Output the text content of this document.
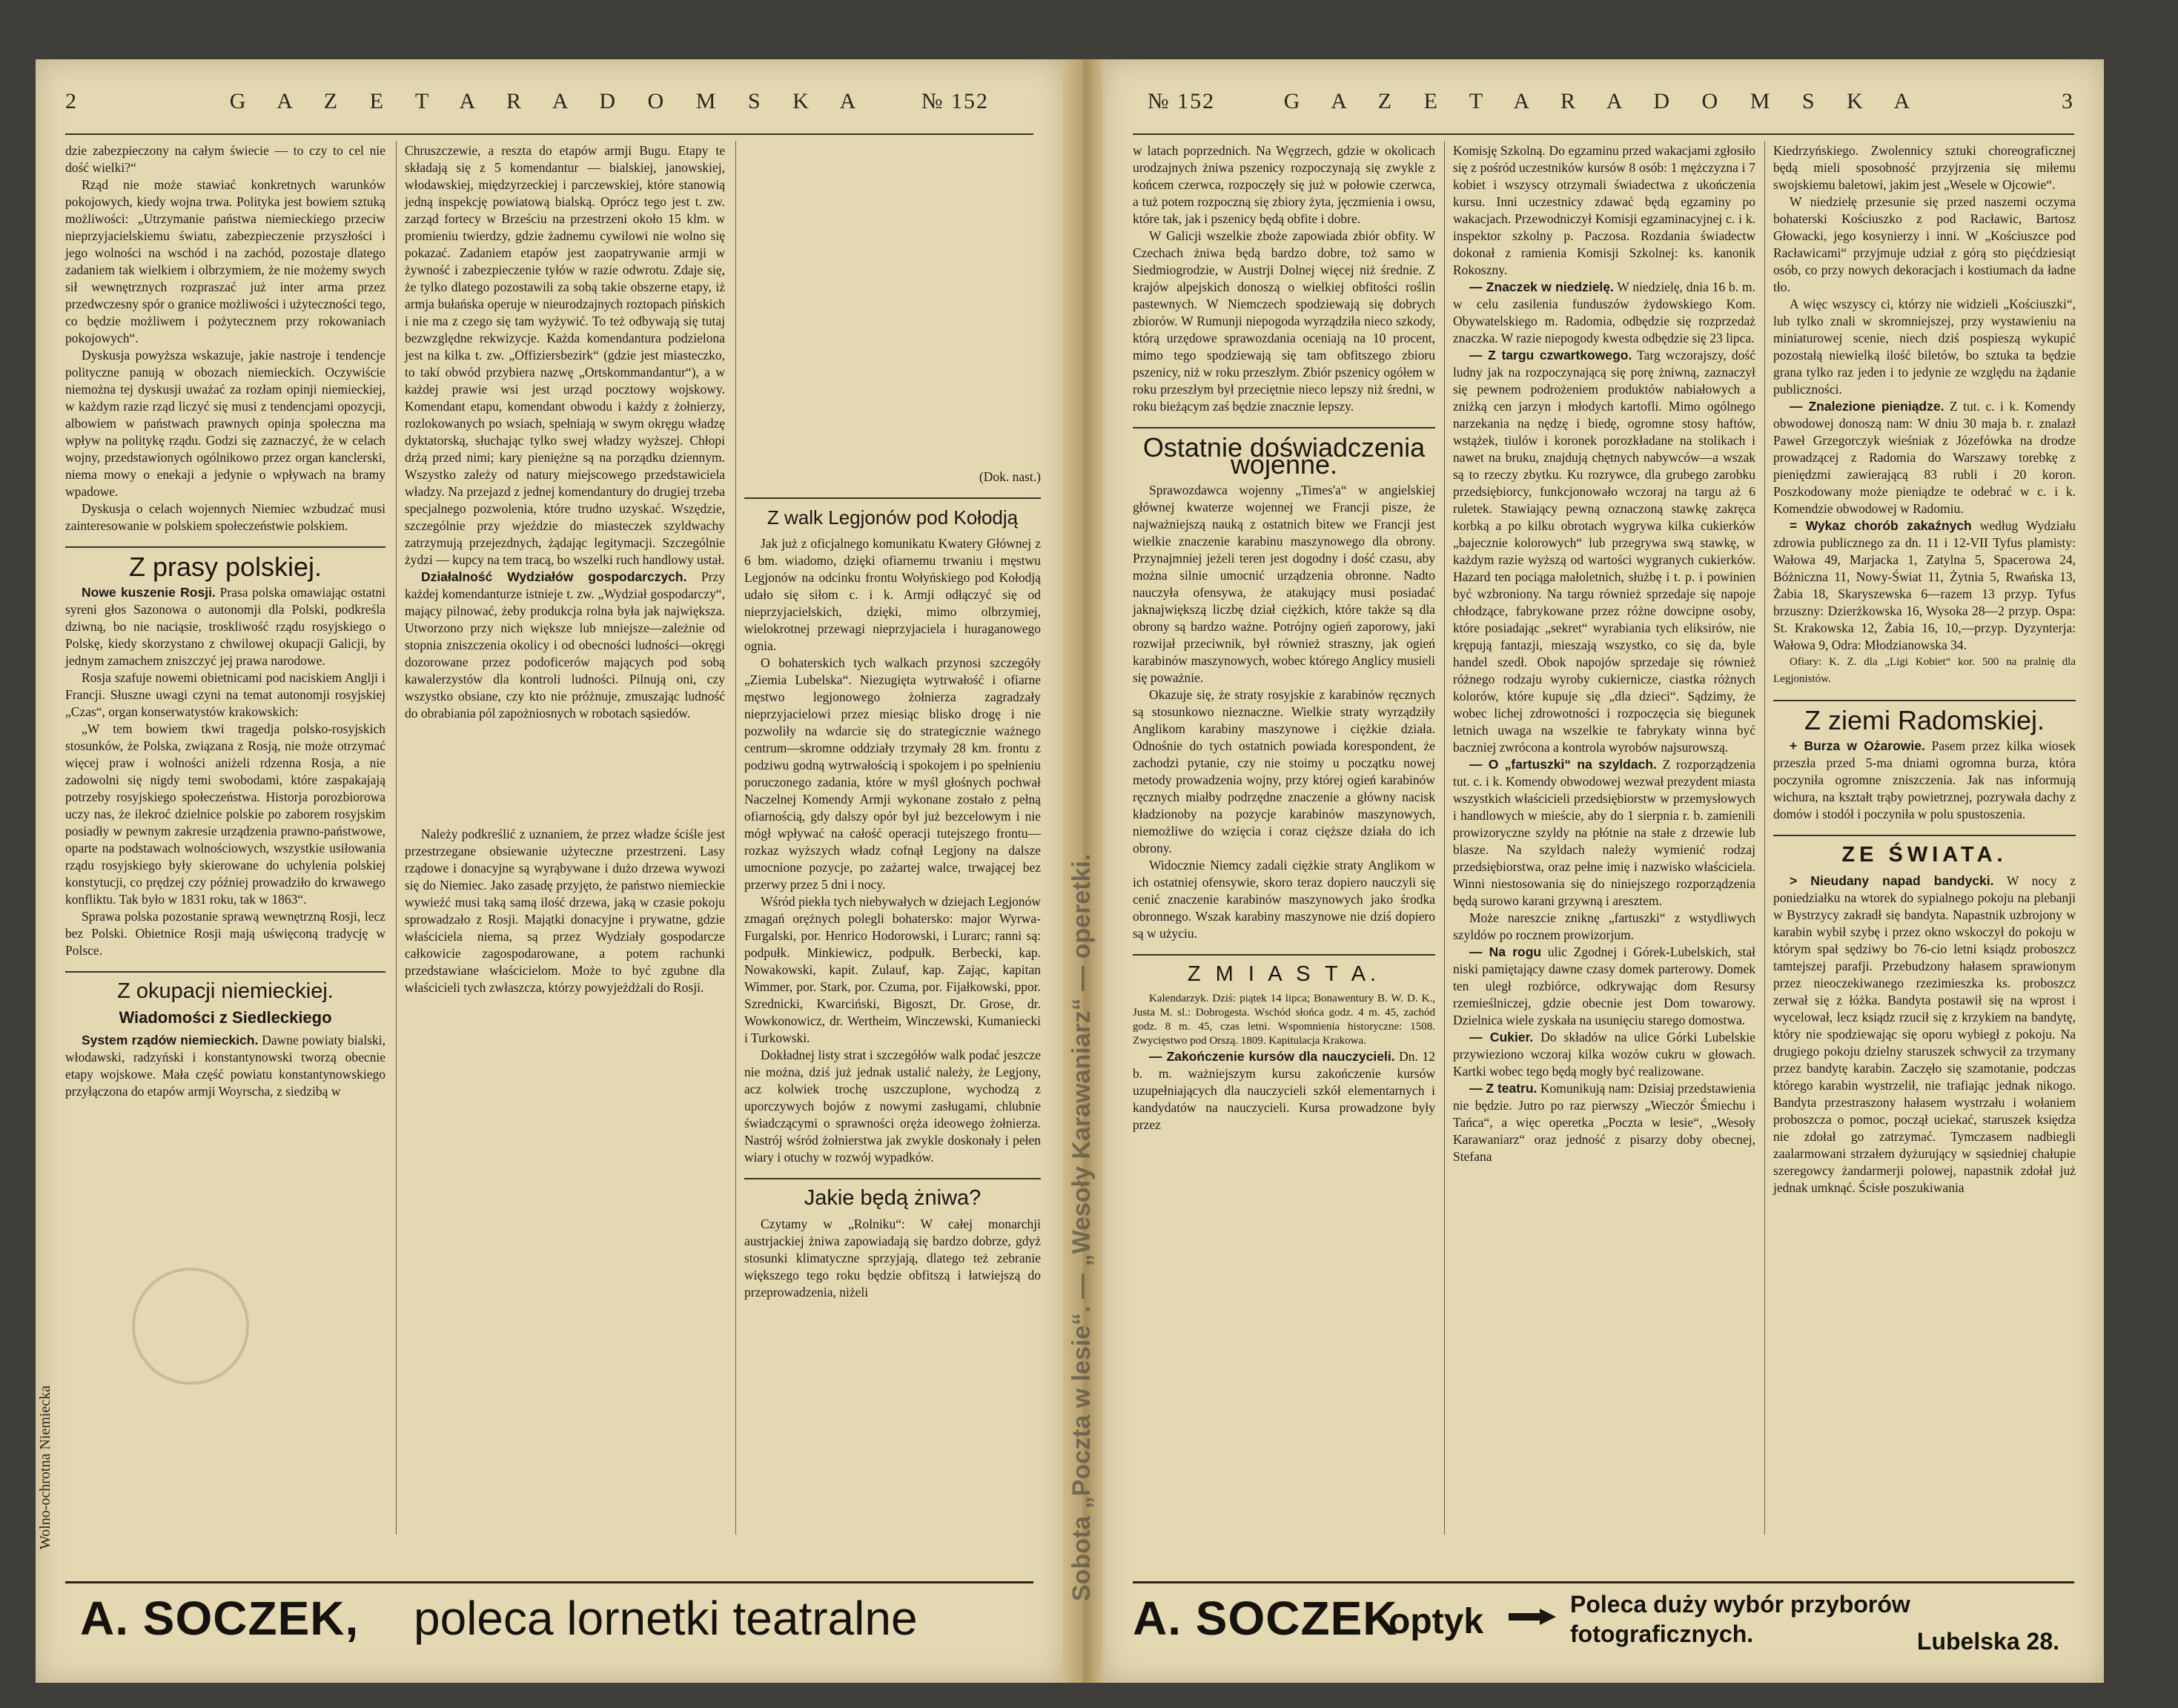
2	G A Z E T A R A D O M S K A	№ 152

dzie zabezpieczony na całym świecie — to czy to cel nie dość wielki?“

Rząd nie może stawiać konkretnych warunków pokojowych, kiedy wojna trwa. Polityka jest bowiem sztuką możliwości: „Utrzymanie państwa niemieckiego przeciw nieprzyjacielskiemu światu, zabezpieczenie przyszłości i jego wolności na wschód i na zachód, pozostaje dlatego zadaniem tak wielkiem i olbrzymiem, że nie możemy swych sił wewnętrznych rozpraszać już inter arma przez przedwczesny spór o granice możliwości i użyteczności tego, co będzie możliwem i pożytecznem przy rokowaniach pokojowych“.

Dyskusja powyższa wskazuje, jakie nastroje i tendencje polityczne panują w obozach niemieckich. Oczywiście niemożna tej dyskusji uważać za rozłam opinji niemieckiej, w każdym razie rząd liczyć się musi z tendencjami opozycji, albowiem w państwach prawnych opinja społeczna ma wpływ na politykę rządu. Godzi się zaznaczyć, że w celach wojny, przedstawionych ogólnikowo przez organ kanclerski, niema mowy o enekaji a jedynie o wpływach na bramy wpadowe.

Dyskusja o celach wojennych Niemiec wzbudzać musi zainteresowanie w polskiem społeczeństwie polskiem.

Z prasy polskiej.

Nowe kuszenie Rosji. Prasa polska omawiając ostatni syreni głos Sazonowa o autonomji dla Polski, podkreśla dziwną, bo nie naciąsie, troskliwość rządu rosyjskiego o Polskę, kiedy skorzystano z chwilowej okupacji Galicji, by jednym zamachem zniszczyć jej prawa narodowe.

Rosja szafuje nowemi obietnicami pod naciskiem Anglji i Francji. Słuszne uwagi czyni na temat autonomji rosyjskiej „Czas“, organ konserwatystów krakowskich:

„W tem bowiem tkwi tragedja polsko-rosyjskich stosunków, że Polska, związana z Rosją, nie może otrzymać więcej praw i wolności aniżeli rdzenna Rosja, a nie zadowolni się nigdy temi swobodami, które zaspakajają potrzeby rosyjskiego społeczeństwa. Historja porozbiorowa uczy nas, że ilekroć dzielnice polskie po zaborem rosyjskim posiadły w pewnym zakresie urządzenia prawno-państwowe, oparte na podstawach wolnościowych, wszystkie usiłowania rządu rosyjskiego były skierowane do uchylenia polskiej konstytucji, co prędzej czy później prowadziło do krwawego konfliktu. Tak było w 1831 roku, tak w 1863“.

Sprawa polska pozostanie sprawą wewnętrzną Rosji, lecz bez Polski. Obietnice Rosji mają uświęconą tradycję w Polsce.

Z okupacji niemieckiej.
Wiadomości z Siedleckiego

System rządów niemieckich. Dawne powiaty bialski, włodawski, radzyński i konstantynowski tworzą obecnie etapy wojskowe. Mała część powiatu konstantynowskiego przyłączona do etapów armji Woyrscha, z siedzibą w

Chruszczewie, a reszta do etapów armji Bugu. Etapy te składają się z 5 komendantur — bialskiej, janowskiej, włodawskiej, międzyrzeckiej i parczewskiej, które stanowią jedną inspekcję powiatową bialską. Oprócz tego jest t. zw. zarząd fortecy w Brześciu na przestrzeni około 15 klm. w promieniu twierdzy, gdzie żadnemu cywilowi nie wolno się pokazać. Zadaniem etapów jest zaopatrywanie armji w żywność i zabezpieczenie tyłów w razie odwrotu. Zdaje się, że tylko dlatego pozostawili za sobą takie obszerne etapy, iż armja bułańska operuje w nieurodzajnych roztopach pińskich i nie ma z czego się tam wyżywić. To też odbywają się tutaj bezwzględne rekwizycje. Każda komendantura podzielona jest na kilka t. zw. „Offiziersbezirk“ (gdzie jest miasteczko, to takí obwód przybiera nazwę „Ortskommandantur“), a w każdej prawie wsi jest urząd pocztowy wojskowy. Komendant etapu, komendant obwodu i każdy z żołnierzy, rozlokowanych po wsiach, spełniają w swym okręgu władzę dyktatorską, słuchając tylko swej władzy wyższej. Chłopi drżą przed nimi; kary pieniężne są na porządku dziennym. Wszystko zależy od natury miejscowego przedstawiciela władzy. Na przejazd z jednej komendantury do drugiej trzeba specjalnego pozwolenia, które trudno uzyskać. Wszędzie, szczególnie przy wjeździe do miasteczek szyldwachy zatrzymują przejezdnych, żądając legitymacji. Szczególnie żydzi — kupcy na tem tracą, bo wszelki ruch handlowy ustał.

Działalność Wydziałów gospodarczych. Przy każdej komendanturze istnieje t. zw. „Wydział gospodarczy“, mający pilnować, żeby produkcja rolna była jak największa. Utworzono przy nich większe lub mniejsze—zależnie od stopnia zniszczenia okolicy i od obecności ludności—okręgi dozorowane przez podoficerów mających pod sobą kawalerzystów dla kontroli ludności. Pilnują oni, czy wszystko obsiane, czy kto nie próżnuje, zmuszając ludność do obrabiania pól zapożniosnych w robotach sąsiedów.

Należy podkreślić z uznaniem, że przez władze ściśle jest przestrzegane obsiewanie użyteczne przestrzeni. Lasy rządowe i donacyjne są wyrąbywane i dużo drzewa wywozi się do Niemiec. Jako zasadę przyjęto, że państwo niemieckie wywieźć musi taką samą ilość drzewa, jaką w czasie pokoju sprowadzało z Rosji. Majątki donacyjne i prywatne, gdzie właściciela niema, są przez Wydziały gospodarcze całkowicie zagospodarowane, a potem rachunki przedstawiane właścicielom. Może to być zgubne dla właścicieli tych zwłaszcza, którzy powyjeżdżali do Rosji.

(Dok. nast.)

Z walk Legjonów pod Kołodją

Jak już z oficjalnego komunikatu Kwatery Głównej z 6 bm. wiadomo, dzięki ofiarnemu trwaniu i męstwu Legjonów na odcinku frontu Wołyńskiego pod Kołodją udało się siłom c. i k. Armji odłączyć się od nieprzyjacielskich, dzięki, mimo olbrzymiej, wielokrotnej przewagi nieprzyjaciela i huraganowego ognia.

O bohaterskich tych walkach przynosi szczegóły „Ziemia Lubelska“. Niezugięta wytrwałość i ofiarne męstwo legjonowego żołnierza zagradzały nieprzyjacielowi przez miesiąc blisko drogę i nie pozwoliły na wdarcie się do strategicznie ważnego centrum—skromne oddziały trzymały 28 km. frontu z podziwu godną wytrwałością i spokojem i po spełnieniu poruczonego zadania, które w myśl głośnych pochwał Naczelnej Komendy Armji wykonane zostało z pełną ofiarnością, gdy dalszy opór był już bezcelowym i nie mógł wpływać na całość operacji tutejszego frontu—rozkaz wyższych władz cofnął Legjony na dalsze umocnione pozycje, po zażartej walce, trwającej bez przerwy przez 5 dni i nocy.

Wśród piekła tych niebywałych w dziejach Legjonów zmagań orężnych polegli bohatersko: major Wyrwa-Furgalski, por. Henrico Hodorowski, i Lurarc; ranni są: podpułk. Minkiewicz, podpułk. Berbecki, kap. Nowakowski, kapit. Zulauf, kap. Zając, kapitan Wimmer, por. Stark, por. Czuma, por. Fijałkowski, ppor. Szrednicki, Kwarciński, Bigoszt, Dr. Grose, dr. Wowkonowicz, dr. Wertheim, Winczewski, Kumaniecki i Turkowski.

Dokładnej listy strat i szczegółów walk podać jeszcze nie można, dziś już jednak ustalić należy, że Legjony, acz kolwiek trochę uszczuplone, wychodzą z uporczywych bojów z nowymi zasługami, chlubnie świadczącymi o sprawności oręża ideowego żołnierza. Nastrój wśród żołnierstwa jak zwykle doskonały i pełen wiary i otuchy w rozwój wypadków.

Jakie będą żniwa?

Czytamy w „Rolniku“: W całej monarchji austrjackiej żniwa zapowiadają się bardzo dobrze, gdyż stosunki klimatyczne sprzyjają, dlatego też zebranie większego tego roku będzie obfitszą i łatwiejszą do przeprowadzenia, niżeli

Wolno-ochrotna Niemiecka
A. SOCZEK, poleca lornetki teatralne
Sobota „Poczta w lesie“. — „Wesoły Karawaniarz“ — operetki.
№ 152	G A Z E T A R A D O M S K A	3

w latach poprzednich. Na Węgrzech, gdzie w okolicach urodzajnych żniwa pszenicy rozpoczynają się zwykle z końcem czerwca, rozpoczęły się już w połowie czerwca, a tuż potem rozpoczną się zbiory żyta, jęczmienia i owsu, które tak, jak i pszenicy będą obfite i dobre.

W Galicji wszelkie zboże zapowiada zbiór obfity. W Czechach żniwa będą bardzo dobre, toż samo w Siedmiogrodzie, w Austrji Dolnej więcej niż średnie. Z krajów alpejskich donoszą o wielkiej obfitości roślin pastewnych. W Niemczech spodziewają się dobrych zbiorów. W Rumunji niepogoda wyrządziła nieco szkody, którą urzędowe sprawozdania oceniają na 10 procent, mimo tego spodziewają się tam obfitszego zbioru pszenicy, niż w roku przeszłym. Zbiór pszenicy ogółem w roku przeszłym był przeciętnie nieco lepszy niż średni, w roku bieżącym zaś będzie znacznie lepszy.

Ostatnie doświadczenia wojenne.

Sprawozdawca wojenny „Times'a“ w angielskiej głównej kwaterze wojennej we Francji pisze, że najważniejszą nauką z ostatnich bitew we Francji jest wielkie znaczenie karabinu maszynowego dla obrony. Przynajmniej jeżeli teren jest dogodny i dość czasu, aby można silnie umocnić urządzenia obronne. Nadto nauczyła ofensywa, że atakujący musi posiadać jaknajwiększą liczbę dział ciężkich, które także są dla obrony są bardzo ważne. Potrójny ogień zaporowy, jaki rozwijał przeciwnik, był również straszny, jak ogień karabinów maszynowych, wobec którego Anglicy musieli się poważnie.

Okazuje się, że straty rosyjskie z karabinów ręcznych są stosunkowo nieznaczne. Wielkie straty wyrządziły Anglikom karabiny maszynowe i ciężkie działa. Odnośnie do tych ostatnich powiada korespondent, że zachodzi pytanie, czy nie stoimy u początku nowej metody prowadzenia wojny, przy której ogień karabinów ręcznych miałby podrzędne znaczenie a główny nacisk kładzionoby na pozycje karabinów maszynowych, niemożliwe do wzięcia i coraz cięższe działa do ich obrony.

Widocznie Niemcy zadali ciężkie straty Anglikom w ich ostatniej ofensywie, skoro teraz dopiero nauczyli się cenić znaczenie karabinów maszynowych jako środka obronnego. Wszak karabiny maszynowe nie dziś dopiero są w użyciu.

Z M I A S T A.

Kalendarzyk. Dziś: piątek 14 lipca; Bonawentury B. W. D. K., Justa M. sl.: Dobrogesta. Wschód słońca godz. 4 m. 45, zachód godz. 8 m. 45, czas letni. Wspomnienia historyczne: 1508. Zwycięstwo pod Orszą. 1809. Kapitulacja Krakowa.

— Zakończenie kursów dla nauczycieli. Dn. 12 b. m. ważniejszym kursu zakończenie kursów uzupełniających dla nauczycieli szkół elementarnych i kandydatów na nauczycieli. Kursa prowadzone były przez

Komisję Szkolną. Do egzaminu przed wakacjami zgłosiło się z pośród uczestników kursów 8 osób: 1 mężczyzna i 7 kobiet i wszyscy otrzymali świadectwa z ukończenia kursu. Inni uczestnicy zdawać będą egzaminy po wakacjach. Przewodniczył Komisji egzaminacyjnej c. i k. inspektor szkolny p. Paczosa. Rozdania świadectw dokonał z ramienia Komisji Szkolnej: ks. kanonik Rokoszny.

— Znaczek w niedzielę. W niedzielę, dnia 16 b. m. w celu zasilenia funduszów żydowskiego Kom. Obywatelskiego m. Radomia, odbędzie się rozprzedaż znaczka. W razie niepogody kwesta odbędzie się 23 lipca.

— Z targu czwartkowego. Targ wczorajszy, dość ludny jak na rozpoczynającą się porę żniwną, zaznaczył się pewnem podrożeniem produktów nabiałowych a zniżką cen jarzyn i młodych kartofli. Mimo ogólnego narzekania na nędzę i biedę, ogromne stosy haftów, wstążek, tiulów i koronek porozkładane na stolikach i nawet na bruku, znajdują chętnych nabywców—a wszak są to rzeczy zbytku. Ku rozrywce, dla grubego zarobku przedsiębiorcy, funkcjonowało wczoraj na targu aż 6 ruletek. Stawiający pewną oznaczoną stawkę zakręca korbką a po kilku obrotach wygrywa kilka cukierków „bajecznie kolorowych“ lub przegrywa swą stawkę, w każdym razie wyższą od wartości wygranych cukierków. Hazard ten pociąga małoletnich, służbę i t. p. i powinien być wzbroniony. Na targu również sprzedaje się napoje chłodzące, fabrykowane przez różne dowcipne osoby, które posiadając „sekret“ wyrabiania tych eliksirów, nie krępują fantazji, mieszają wszystko, co się da, byle handel szedł. Obok napojów sprzedaje się również różnego rodzaju wyroby cukiernicze, ciastka różnych kolorów, które kupuje się „dla dzieci“. Sądzimy, że wobec lichej zdrowotności i rozpoczęcia się biegunek letnich uwaga na wszelkie te fabrykaty winna być baczniej zwrócona a kontrola wyrobów najsurowszą.

— O „fartuszki“ na szyldach. Z rozporządzenia tut. c. i k. Komendy obwodowej wezwał prezydent miasta wszystkich właścicieli przedsiębiorstw w przemysłowych i handlowych w mieście, aby do 1 sierpnia r. b. zamienili prowizoryczne szyldy na płótnie na stałe z drzewie lub blasze. Na szyldach należy wymienić rodzaj przedsiębiorstwa, oraz pełne imię i nazwisko właściciela. Winni niestosowania się do niniejszego rozporządzenia będą surowo karani grzywną i aresztem.

Może nareszcie zniknę „fartuszki“ z wstydliwych szyldów po rocznem prowizorjum.

— Na rogu ulic Zgodnej i Górek-Lubelskich, stał niski pamiętający dawne czasy domek parterowy. Domek ten uległ rozbiórce, odkrywając dom Resursy rzemieślniczej, gdzie obecnie jest Dom towarowy. Dzielnica wiele zyskała na usunięciu starego domostwa.

— Cukier. Do składów na ulice Górki Lubelskie przywieziono wczoraj kilka wozów cukru w głowach. Kartki wobec tego będą mogły być realizowane.

— Z teatru. Komunikują nam: Dzisiaj przedstawienia nie będzie. Jutro po raz pierwszy „Wieczór Śmiechu i Tańca“, a więc operetka „Poczta w lesie“, „Wesoły Karawaniarz“ oraz jedność z pisarzy doby obecnej, Stefana

Kiedrzyńskiego. Zwolennicy sztuki choreograficznej będą mieli sposobność przyjrzenia się miłemu swojskiemu baletowi, jakim jest „Wesele w Ojcowie“.

W niedzielę przesunie się przed naszemi oczyma bohaterski Kościuszko z pod Racławic, Bartosz Głowacki, jego kosynierzy i inni. W „Kościuszce pod Racławicami“ przyjmuje udział z górą sto pięćdziesiąt osób, co przy nowych dekoracjach i kostiumach da ładne tło.

A więc wszyscy ci, którzy nie widzieli „Kościuszki“, lub tylko znali w skromniejszej, przy wystawieniu na miniaturowej scenie, niech dziś pospieszą wykupić pozostałą niewielką ilość biletów, bo sztuka ta będzie grana tylko raz jeden i to jedynie ze względu na żądanie publiczności.

— Znalezione pieniądze. Z tut. c. i k. Komendy obwodowej donoszą nam: W dniu 30 maja b. r. znalazł Paweł Grzegorczyk wieśniak z Józefówka na drodze prowadzącej z Radomia do Warszawy torebkę z pieniędzmi zawierającą 83 rubli i 20 koron. Poszkodowany może pieniądze te odebrać w c. i k. Komendzie obwodowej w Radomiu.

= Wykaz chorób zakaźnych według Wydziału zdrowia publicznego za dn. 11 i 12-VII Tyfus plamisty: Wałowa 49, Marjacka 1, Zatylna 5, Spacerowa 24, Bóżniczna 11, Nowy-Świat 11, Żytnia 5, Rwańska 13, Żabia 18, Skaryszewska 6—razem 13 przyp. Tyfus brzuszny: Dzierżkowska 16, Wysoka 28—2 przyp. Ospa: St. Krakowska 12, Żabia 16, 10,—przyp. Dyzynterja: Wałowa 9, Odra: Młodzianowska 34.

Ofiary: K. Z. dla „Ligi Kobiet“ kor. 500 na pralnię dla Legjonistów.

Z ziemi Radomskiej.

+ Burza w Ożarowie. Pasem przez kilka wiosek przeszła przed 5-ma dniami ogromna burza, która poczyniła ogromne zniszczenia. Jak nas informują wichura, na kształt trąby powietrznej, pozrywała dachy z domów i stodół i poczyniła w polu spustoszenia.

ZE ŚWIATA.

> Nieudany napad bandycki. W nocy z poniedziałku na wtorek do sypialnego pokoju na plebanji w Bystrzycy zakradł się bandyta. Napastnik uzbrojony w karabin wybił szybę i przez okno wskoczył do pokoju w którym spał sędziwy bo 76-cio letni ksiądz proboszcz tamtejszej parafji. Przebudzony hałasem sprawionym przez nieoczekiwanego rzezimieszka ks. proboszcz zerwał się z łóżka. Bandyta postawił się na wprost i wycelował, lecz ksiądz rzucił się z krzykiem na bandytę, który nie spodziewając się oporu wybiegł z pokoju. Na drugiego pokoju dzielny staruszek schwycił za trzymany przez bandytę karabin. Zaczęło się szamotanie, podczas którego karabin wystrzelił, nie trafiając jednak nikogo. Bandyta przestraszony hałasem wystrzału i wołaniem proboszcza o pomoc, począł uciekać, staruszek księdza nie zdołał go zatrzymać. Tymczasem nadbiegli zaalarmowani strzałem dyżurujący w sąsiedniej chałupie szeregowcy żandarmerji polowej, napastnik zdołał już jednak umknąć. Ścisłe poszukiwania

A. SOCZEK
optyk	Poleca duży wybór przyborów fotograficznych.	Lubelska 28.
